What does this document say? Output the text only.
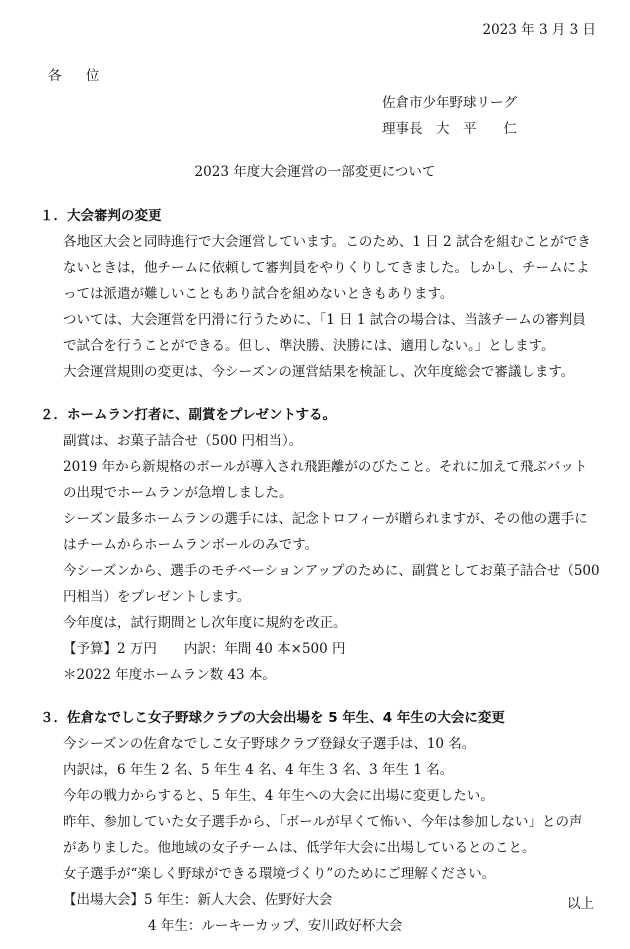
2023 年 3 月 3 日
各 位
佐倉市少年野球リーグ
理事長　大　平　　仁
2023 年度大会運営の一部変更について
１．大会審判の変更
各地区大会と同時進行で大会運営しています。このため、1 日 2 試合を組むことができ
ないときは，他チームに依頼して審判員をやりくりしてきました。しかし、チームによ
っては派遣が難しいこともあり試合を組めないときもあります。
ついては、大会運営を円滑に行うために、「1 日 1 試合の場合は、当該チームの審判員
で試合を行うことができる。但し、準決勝、決勝には、適用しない。」とします。
大会運営規則の変更は、今シーズンの運営結果を検証し、次年度総会で審議します。
２．ホームラン打者に、副賞をプレゼントする。
副賞は、お菓子詰合せ（500 円相当）。
2019 年から新規格のボールが導入され飛距離がのびたこと。それに加えて飛ぶバット
の出現でホームランが急増しました。
シーズン最多ホームランの選手には、記念トロフィーが贈られますが、その他の選手に
はチームからホームランボールのみです。
今シーズンから、選手のモチベーションアップのために、副賞としてお菓子詰合せ（500
円相当）をプレゼントします。
今年度は，試行期間とし次年度に規約を改正。
【予算】2 万円　　内訳：年間 40 本×500 円
＊2022 年度ホームラン数 43 本。
３．佐倉なでしこ女子野球クラブの大会出場を 5 年生、4 年生の大会に変更
今シーズンの佐倉なでしこ女子野球クラブ登録女子選手は、10 名。
内訳は，6 年生 2 名、5 年生 4 名、4 年生 3 名、3 年生 1 名。
今年の戦力からすると、5 年生、4 年生への大会に出場に変更したい。
昨年、参加していた女子選手から、「ボールが早くて怖い、今年は参加しない」との声
がありました。他地域の女子チームは、低学年大会に出場しているとのこと。
女子選手が“楽しく野球ができる環境づくり”のためにご理解ください。
【出場大会】5 年生：新人大会、佐野好大会
4 年生：ルーキーカップ、安川政好杯大会
以上
